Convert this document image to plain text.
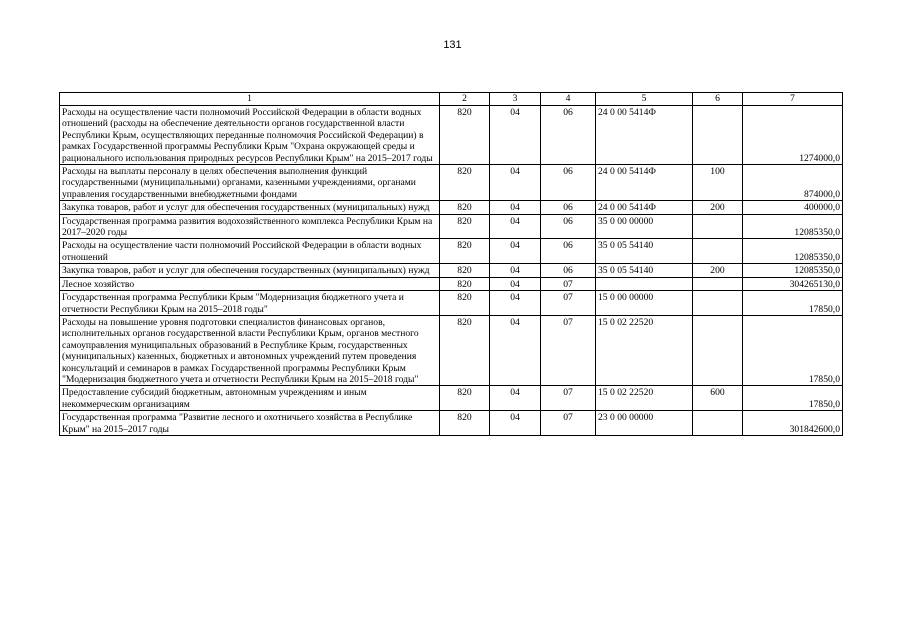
131
1	2	3	4	5	6	7
Расходы на осуществление части полномочий Российской Федерации в области водных отношений (расходы на обеспечение деятельности органов государственной власти Республики Крым, осуществляющих переданные полномочия Российской Федерации) в рамках Государственной программы Республики Крым "Охрана окружающей среды и рационального использования природных ресурсов Республики Крым" на 2015–2017 годы	820	04	06	24 0 00 5414Ф		1274000,0
Расходы на выплаты персоналу в целях обеспечения выполнения функций государственными (муниципальными) органами, казенными учреждениями, органами управления государственными внебюджетными фондами	820	04	06	24 0 00 5414Ф	100	874000,0
Закупка товаров, работ и услуг для обеспечения государственных (муниципальных) нужд	820	04	06	24 0 00 5414Ф	200	400000,0
Государственная программа развития водохозяйственного комплекса Республики Крым на 2017–2020 годы	820	04	06	35 0 00 00000		12085350,0
Расходы на осуществление части полномочий Российской Федерации в области водных отношений	820	04	06	35 0 05 54140		12085350,0
Закупка товаров, работ и услуг для обеспечения государственных (муниципальных) нужд	820	04	06	35 0 05 54140	200	12085350,0
Лесное хозяйство	820	04	07			304265130,0
Государственная программа Республики Крым "Модернизация бюджетного учета и отчетности Республики Крым на 2015–2018 годы"	820	04	07	15 0 00 00000		17850,0
Расходы на повышение уровня подготовки специалистов финансовых органов, исполнительных органов государственной власти Республики Крым, органов местного самоуправления муниципальных образований в Республике Крым, государственных (муниципальных) казенных, бюджетных и автономных учреждений путем проведения консультаций и семинаров в рамках Государственной программы Республики Крым "Модернизация бюджетного учета и отчетности Республики Крым на 2015–2018 годы"	820	04	07	15 0 02 22520		17850,0
Предоставление субсидий бюджетным, автономным учреждениям и иным некоммерческим организациям	820	04	07	15 0 02 22520	600	17850,0
Государственная программа "Развитие лесного и охотничьего хозяйства в Республике Крым" на 2015–2017 годы	820	04	07	23 0 00 00000		301842600,0
